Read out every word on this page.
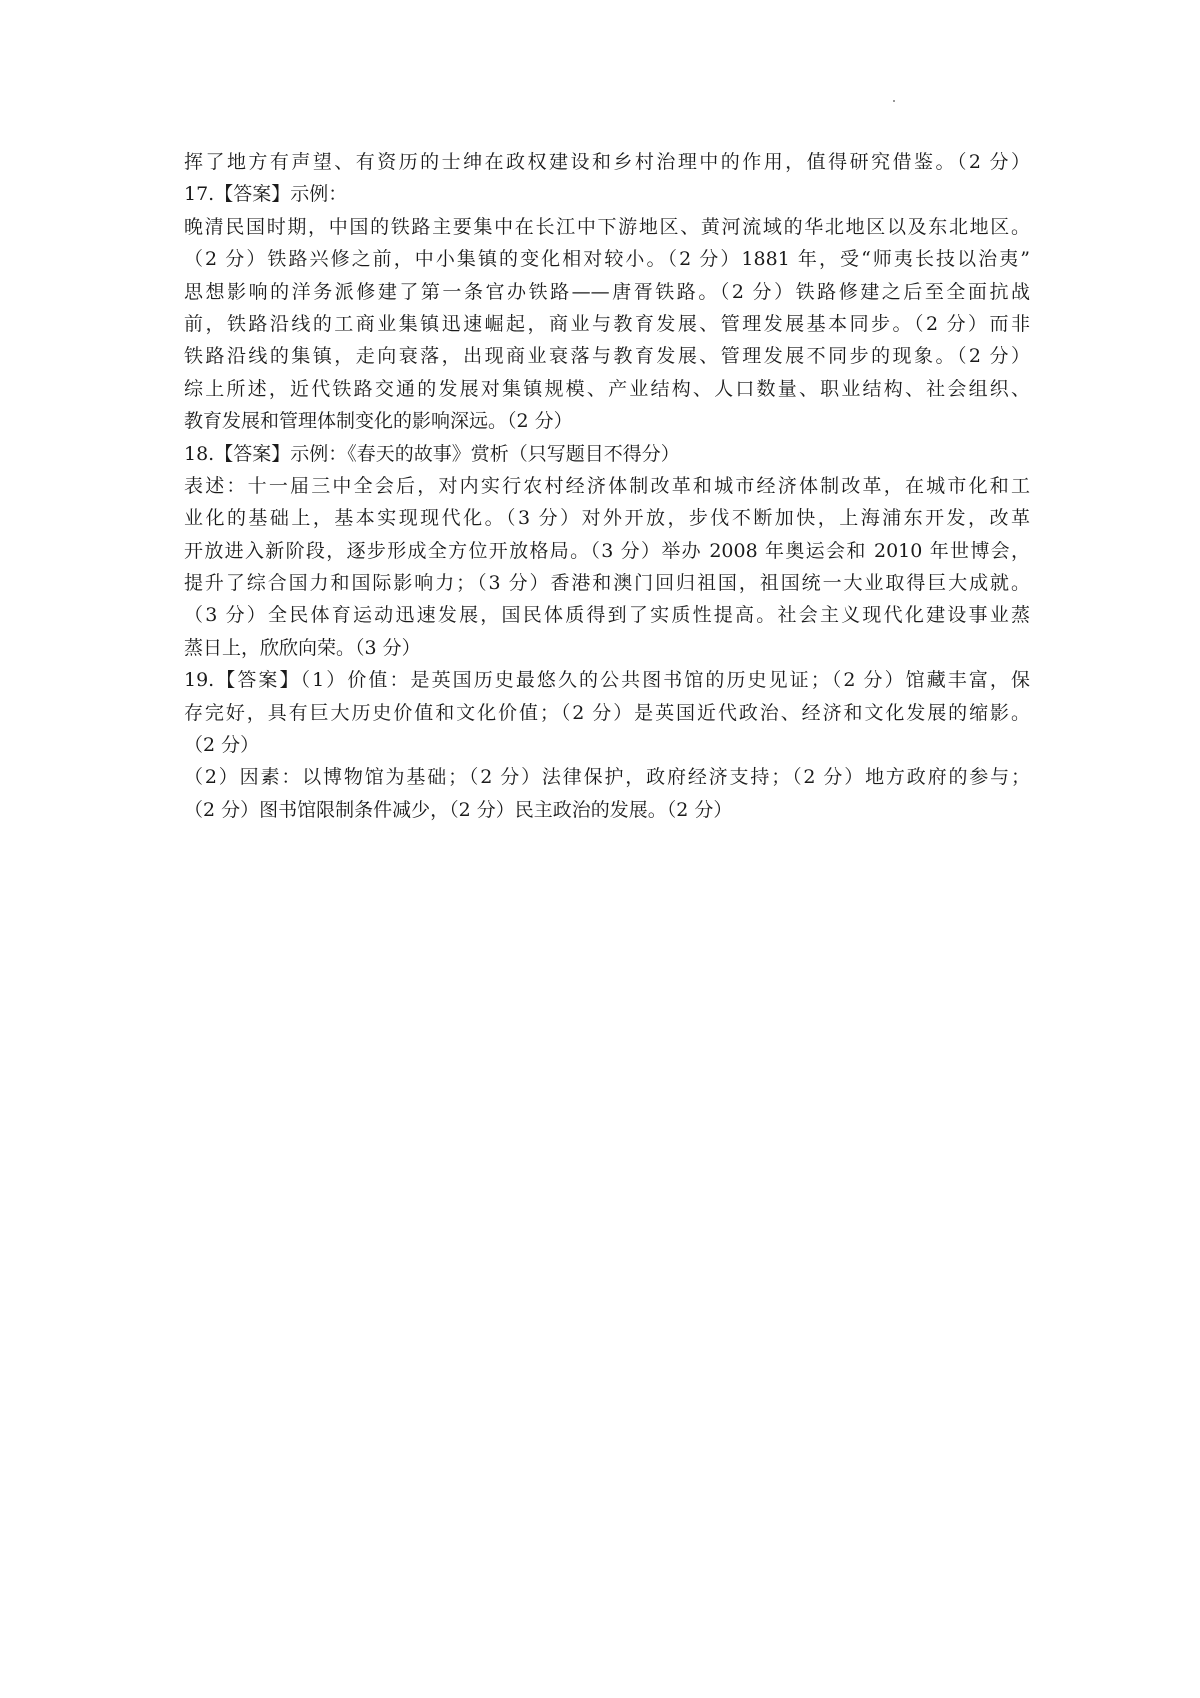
挥了地方有声望、有资历的士绅在政权建设和乡村治理中的作用，值得研究借鉴。（2 分）
17.【答案】示例：
晚清民国时期，中国的铁路主要集中在长江中下游地区、黄河流域的华北地区以及东北地区。
（2 分）铁路兴修之前，中小集镇的变化相对较小。（2 分）1881 年，受“师夷长技以治夷”
思想影响的洋务派修建了第一条官办铁路——唐胥铁路。（2 分）铁路修建之后至全面抗战
前，铁路沿线的工商业集镇迅速崛起，商业与教育发展、管理发展基本同步。（2 分）而非
铁路沿线的集镇，走向衰落，出现商业衰落与教育发展、管理发展不同步的现象。（2 分）
综上所述，近代铁路交通的发展对集镇规模、产业结构、人口数量、职业结构、社会组织、
教育发展和管理体制变化的影响深远。（2 分）
18.【答案】示例：《春天的故事》赏析（只写题目不得分）
表述：十一届三中全会后，对内实行农村经济体制改革和城市经济体制改革，在城市化和工
业化的基础上，基本实现现代化。（3 分）对外开放，步伐不断加快，上海浦东开发，改革
开放进入新阶段，逐步形成全方位开放格局。（3 分）举办 2008 年奥运会和 2010 年世博会，
提升了综合国力和国际影响力；（3 分）香港和澳门回归祖国，祖国统一大业取得巨大成就。
（3 分）全民体育运动迅速发展，国民体质得到了实质性提高。社会主义现代化建设事业蒸
蒸日上，欣欣向荣。（3 分）
19.【答案】（1）价值：是英国历史最悠久的公共图书馆的历史见证；（2 分）馆藏丰富，保
存完好，具有巨大历史价值和文化价值；（2 分）是英国近代政治、经济和文化发展的缩影。
（2 分）
（2）因素：以博物馆为基础；（2 分）法律保护，政府经济支持；（2 分）地方政府的参与；
（2 分）图书馆限制条件减少，（2 分）民主政治的发展。（2 分）
